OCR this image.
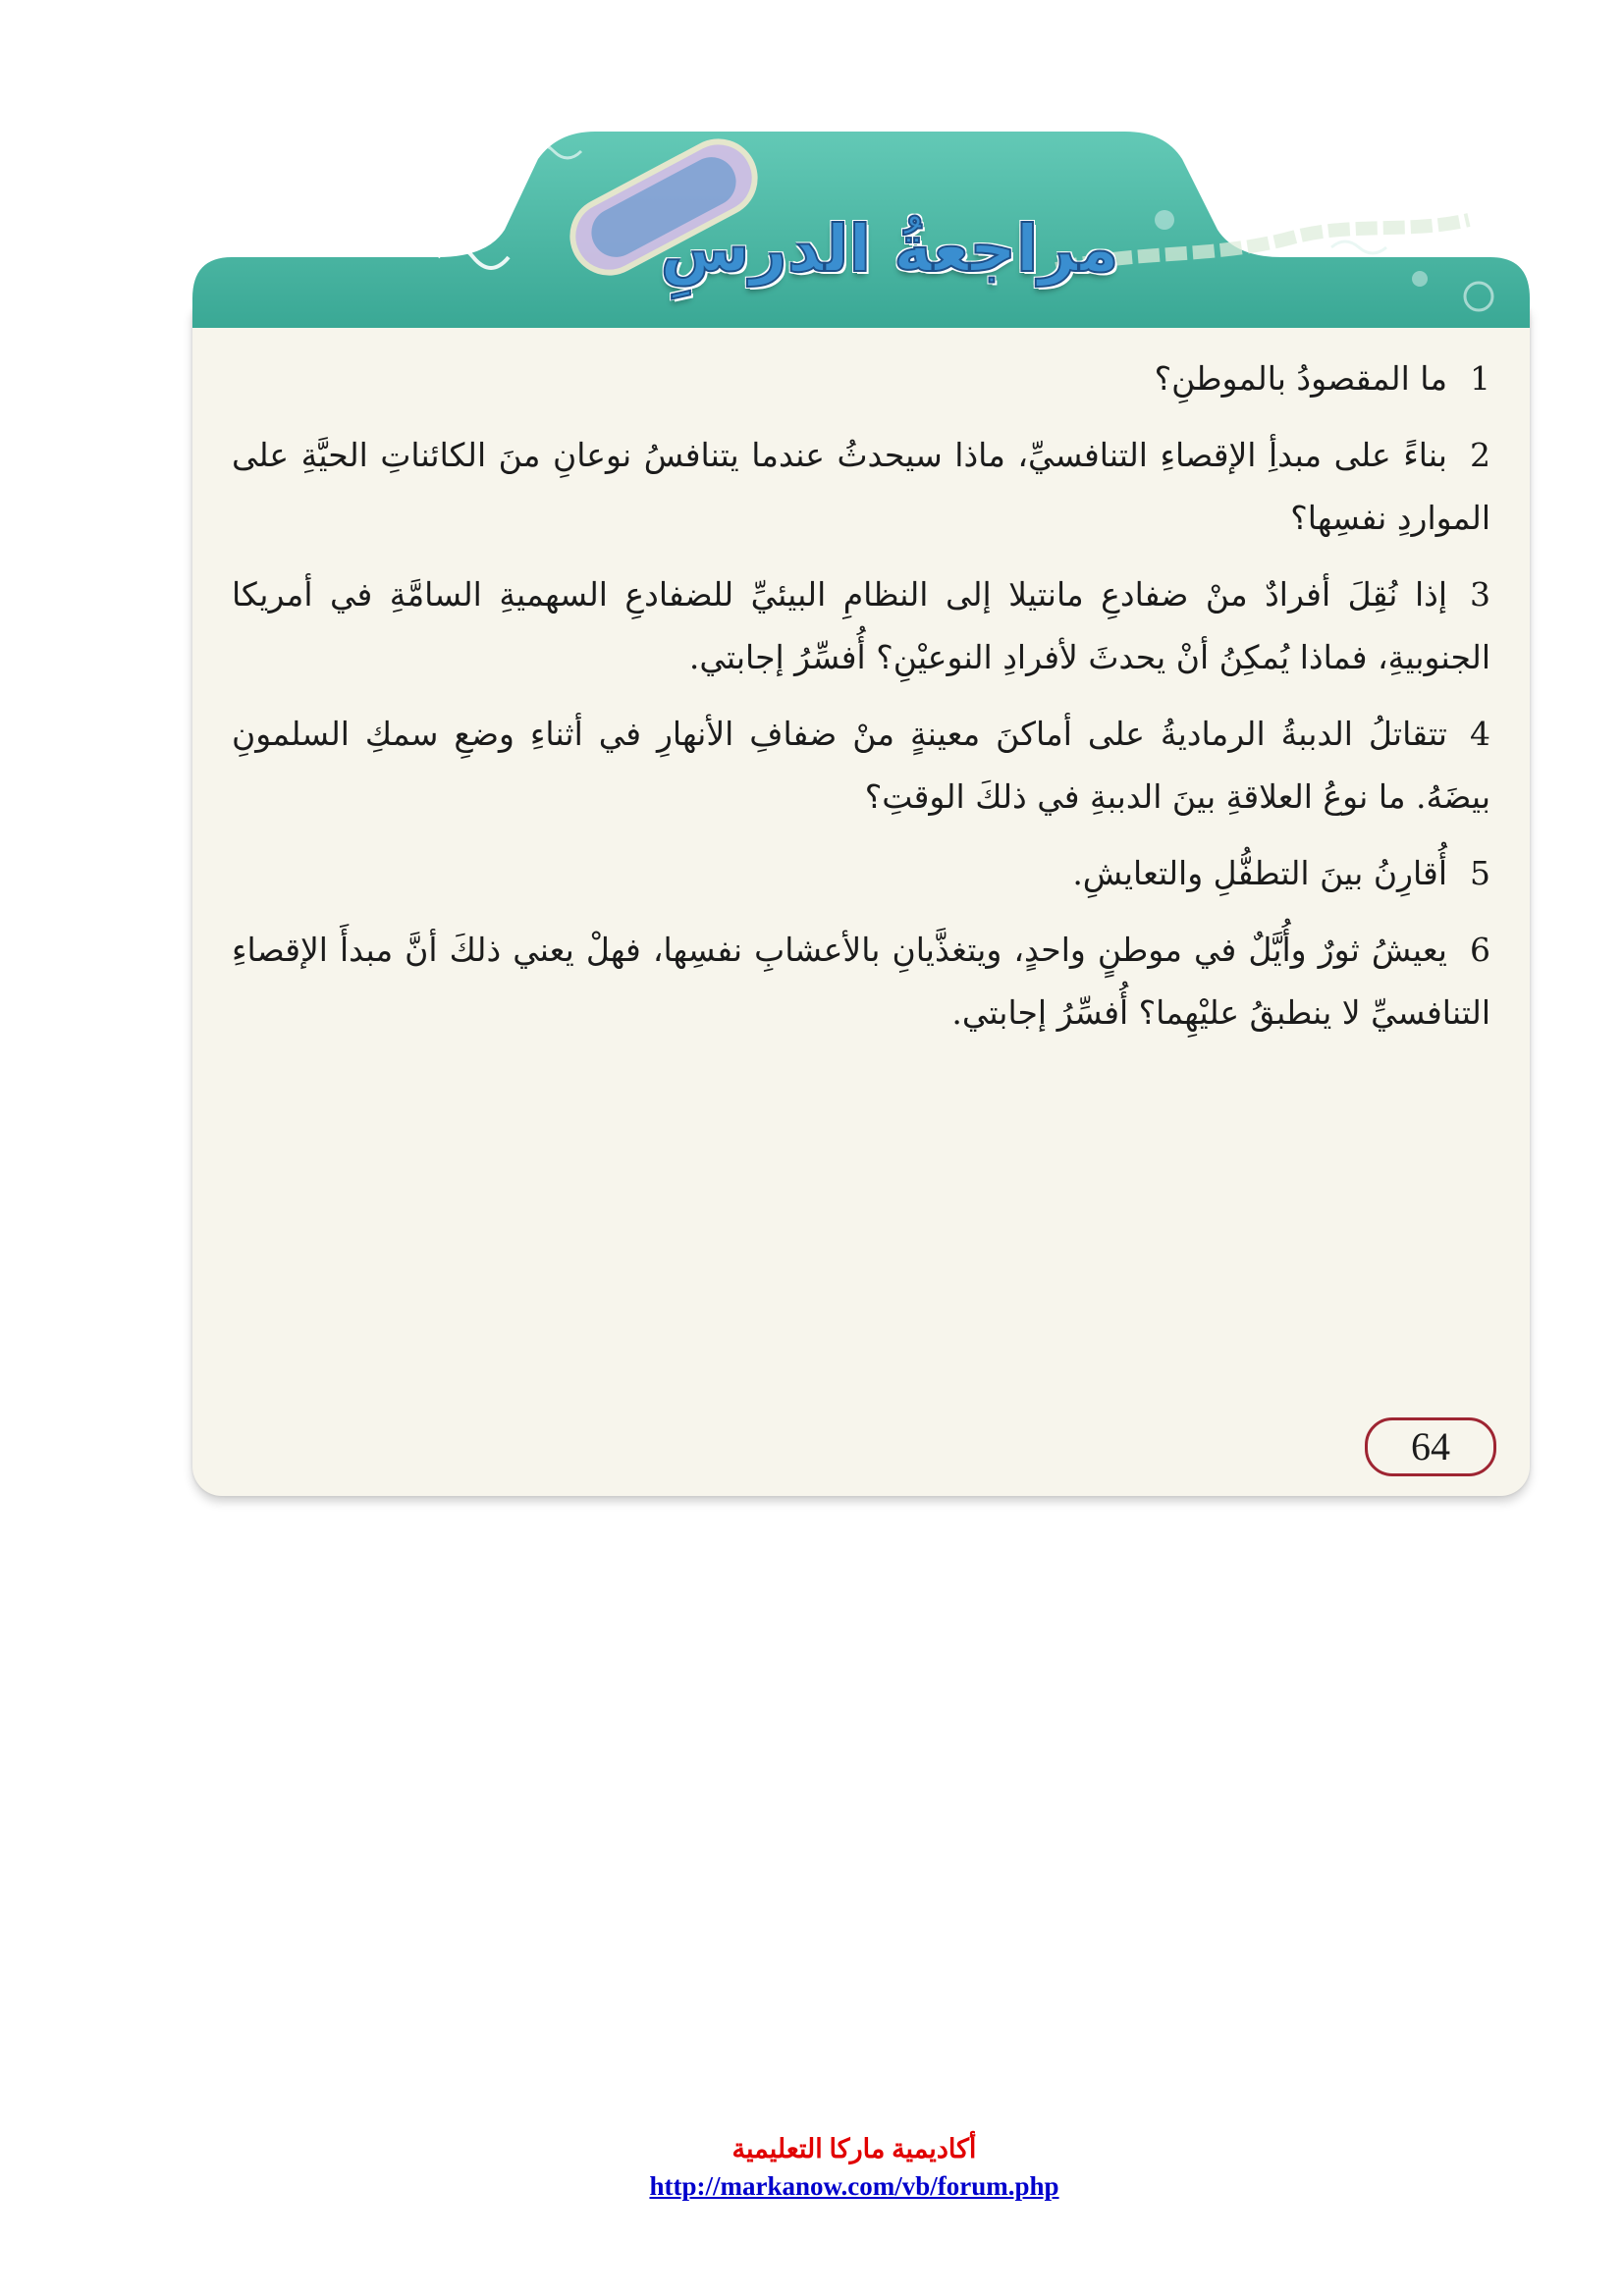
مراجعةُ الدرسِ
1ما المقصودُ بالموطنِ؟
2بناءً على مبدأِ الإقصاءِ التنافسيِّ، ماذا سيحدثُ عندما يتنافسُ نوعانِ منَ الكائناتِ الحيَّةِ على المواردِ نفسِها؟
3إذا نُقِلَ أفرادٌ منْ ضفادعِ مانتيلا إلى النظامِ البيئيِّ للضفادعِ السهميةِ السامَّةِ في أمريكا الجنوبيةِ، فماذا يُمكِنُ أنْ يحدثَ لأفرادِ النوعيْنِ؟ أُفسِّرُ إجابتي.
4تتقاتلُ الدببةُ الرماديةُ على أماكنَ معينةٍ منْ ضفافِ الأنهارِ في أثناءِ وضعِ سمكِ السلمونِ بيضَهُ. ما نوعُ العلاقةِ بينَ الدببةِ في ذلكَ الوقتِ؟
5أُقارِنُ بينَ التطفُّلِ والتعايشِ.
6يعيشُ ثورٌ وأُيَّلٌ في موطنٍ واحدٍ، ويتغذَّيانِ بالأعشابِ نفسِها، فهلْ يعني ذلكَ أنَّ مبدأَ الإقصاءِ التنافسيِّ لا ينطبقُ عليْهِما؟ أُفسِّرُ إجابتي.
64
أكاديمية ماركا التعليمية
http://markanow.com/vb/forum.php
